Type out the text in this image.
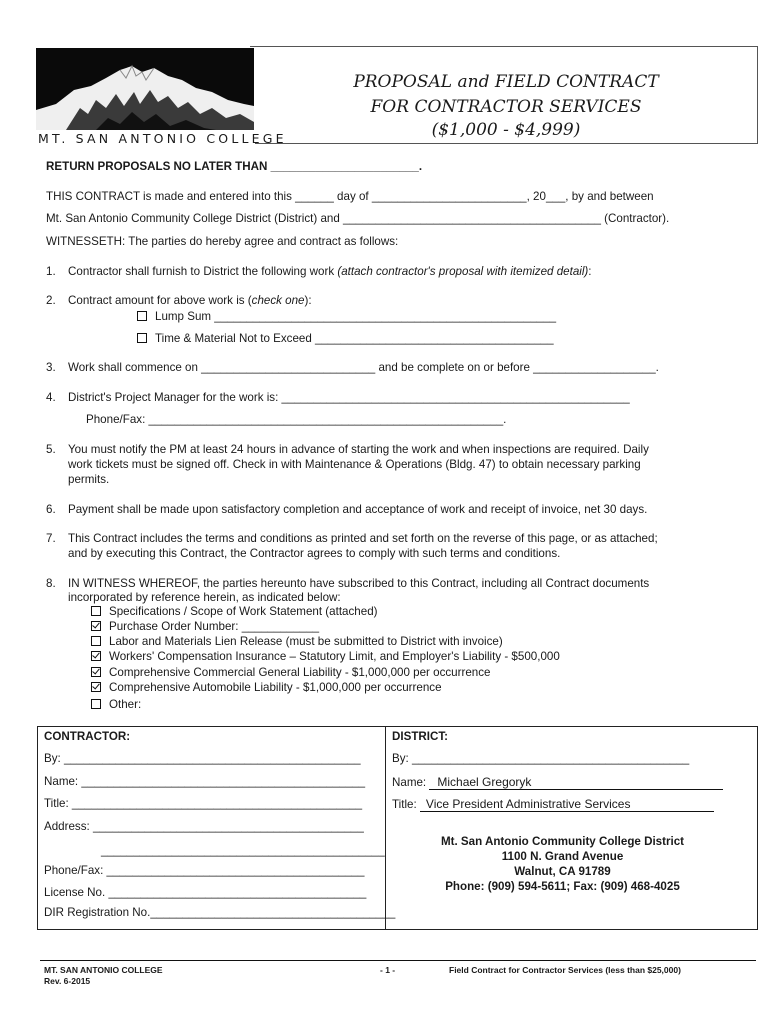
MT. SAN ANTONIO COLLEGE
PROPOSAL and FIELD CONTRACT
FOR CONTRACTOR SERVICES
($1,000 - $4,999)
RETURN PROPOSALS NO LATER THAN _______________________.
THIS CONTRACT is made and entered into this ______ day of ________________________, 20___, by and between
Mt. San Antonio Community College District (District) and ________________________________________ (Contractor).
WITNESSETH: The parties do hereby agree and contract as follows:
1. Contractor shall furnish to District the following work (attach contractor's proposal with itemized detail):
2. Contract amount for above work is (check one):
Lump Sum _____________________________________________________
Time & Material Not to Exceed _____________________________________
3. Work shall commence on ___________________________ and be complete on or before ___________________.
4. District's Project Manager for the work is: ______________________________________________________
Phone/Fax: _______________________________________________________.
5. You must notify the PM at least 24 hours in advance of starting the work and when inspections are required. Daily
work tickets must be signed off. Check in with Maintenance & Operations (Bldg. 47) to obtain necessary parking
permits.
6. Payment shall be made upon satisfactory completion and acceptance of work and receipt of invoice, net 30 days.
7. This Contract includes the terms and conditions as printed and set forth on the reverse of this page, or as attached;
and by executing this Contract, the Contractor agrees to comply with such terms and conditions.
8. IN WITNESS WHEREOF, the parties hereunto have subscribed to this Contract, including all Contract documents
incorporated by reference herein, as indicated below:
Specifications / Scope of Work Statement (attached)
Purchase Order Number: ____________
Labor and Materials Lien Release (must be submitted to District with invoice)
Workers' Compensation Insurance – Statutory Limit, and Employer's Liability - $500,000
Comprehensive Commercial General Liability - $1,000,000 per occurrence
Comprehensive Automobile Liability - $1,000,000 per occurrence
Other:
CONTRACTOR:
By: ______________________________________________
Name: ____________________________________________
Title: _____________________________________________
Address: __________________________________________
____________________________________________
Phone/Fax: ________________________________________
License No. ________________________________________
DIR Registration No.______________________________________
DISTRICT:
By: ___________________________________________
Name: Michael Gregoryk
Title: Vice President Administrative Services
Mt. San Antonio Community College District
1100 N. Grand Avenue
Walnut, CA 91789
Phone: (909) 594-5611; Fax: (909) 468-4025
MT. SAN ANTONIO COLLEGE
Rev. 6-2015
- 1 -	Field Contract for Contractor Services (less than $25,000)
